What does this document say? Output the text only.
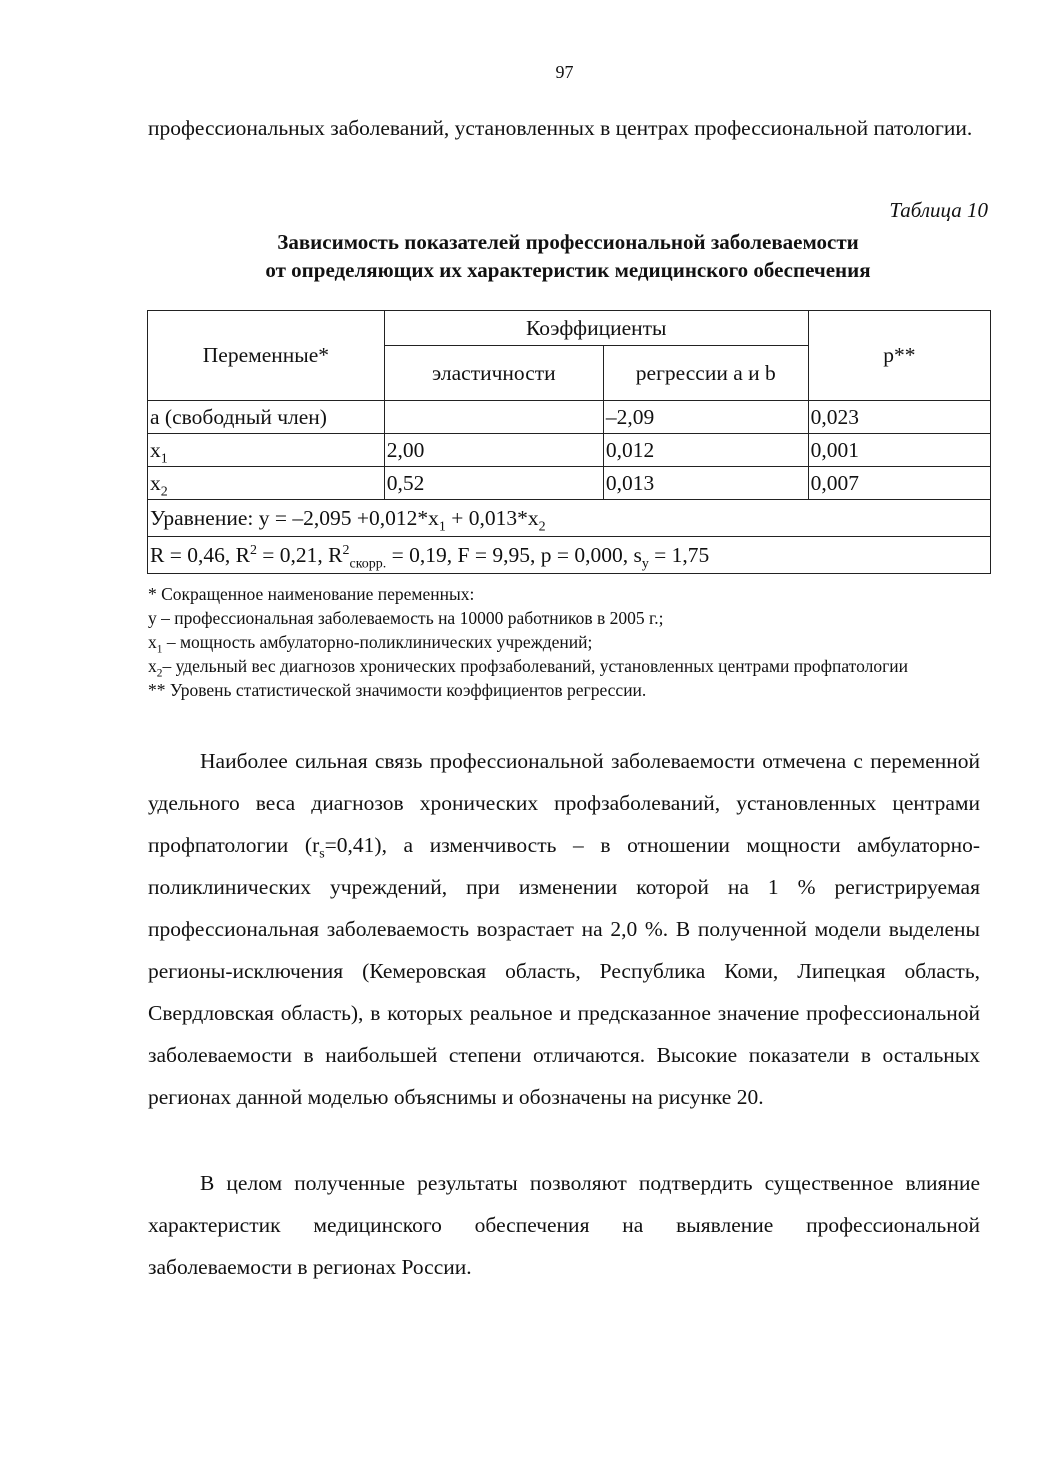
97
профессиональных заболеваний, установленных в центрах профессиональной патологии.
Таблица 10
Зависимость показателей профессиональной заболеваемости
от определяющих их характеристик медицинского обеспечения
Переменные*	Коэффициенты		p**
	эластичности	регрессии a и b	
a (свободный член)		–2,09	0,023
$x_1$	2,00	0,012	0,001
$x_2$	0,52	0,013	0,007
Уравнение: $y = -2,095 +0,012*x_1 + 0,013*x_2$
R = 0,46, $R^2 = 0,21$, $R^2_{скорр.} = 0,19$, F = 9,95, p = 0,000, $s_y = 1,75$			
* Сокращенное наименование переменных:
y – профессиональная заболеваемость на 10000 работников в 2005 г.;
$x_1$ – мощность амбулаторно-поликлинических учреждений;
$x_2-$ удельный вес диагнозов хронических профзаболеваний, установленных центрами профпатологии
** Уровень статистической значимости коэффициентов регрессии.
Наиболее сильная связь профессиональной заболеваемости отмечена с переменной удельного веса диагнозов хронических профзаболеваний, установленных центрами профпатологии $(r_s=0,41)$, а изменчивость – в отношении мощности амбулаторно-поликлинических учреждений, при изменении которой на 1 % регистрируемая профессиональная заболеваемость возрастает на 2,0 %. В полученной модели выделены регионы-исключения (Кемеровская область, Республика Коми, Липецкая область, Свердловская область), в которых реальное и предсказанное значение профессиональной заболеваемости в наибольшей степени отличаются. Высокие показатели в остальных регионах данной моделью объяснимы и обозначены на рисунке 20.
В целом полученные результаты позволяют подтвердить существенное влияние характеристик медицинского обеспечения на выявление профессиональной заболеваемости в регионах России.
